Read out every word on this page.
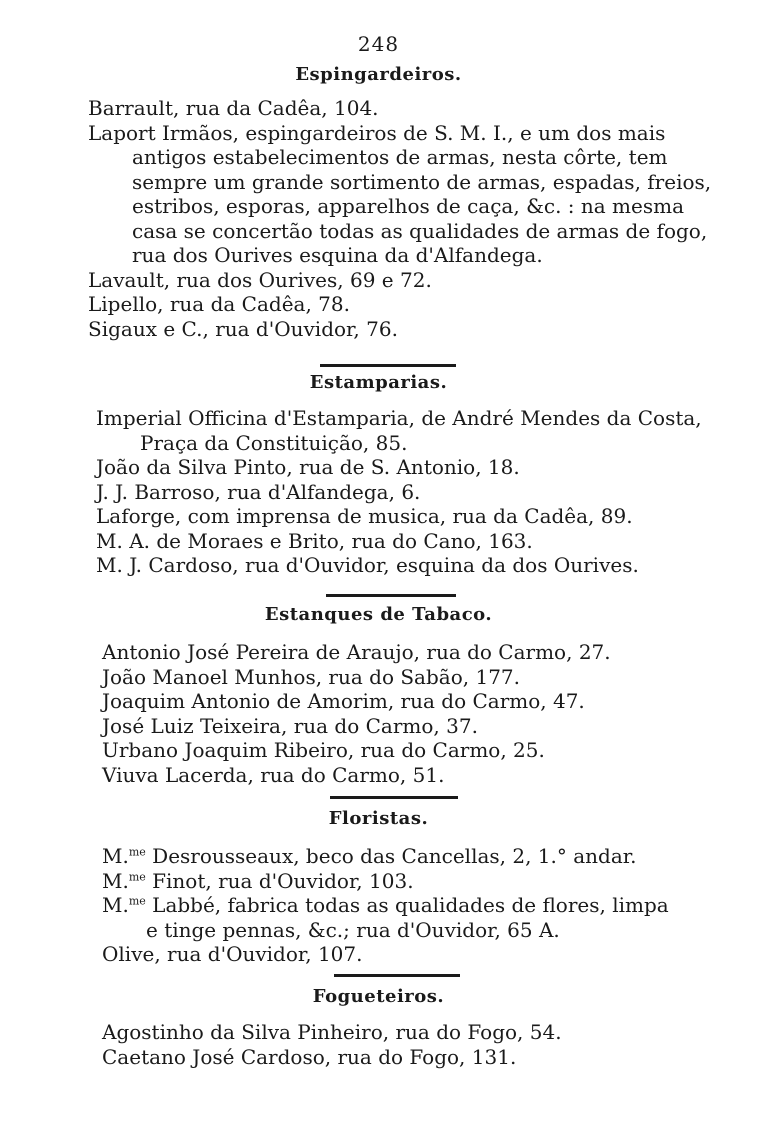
248
Espingardeiros.
Barrault, rua da Cadêa, 104.
Laport Irmãos, espingardeiros de S. M. I., e um dos mais
antigos estabelecimentos de armas, nesta côrte, tem
sempre um grande sortimento de armas, espadas, freios,
estribos, esporas, apparelhos de caça, &c. : na mesma
casa se concertão todas as qualidades de armas de fogo,
rua dos Ourives esquina da d'Alfandega.
Lavault, rua dos Ourives, 69 e 72.
Lipello, rua da Cadêa, 78.
Sigaux e C., rua d'Ouvidor, 76.
Estamparias.
Imperial Officina d'Estamparia, de André Mendes da Costa,
Praça da Constituição, 85.
João da Silva Pinto, rua de S. Antonio, 18.
J. J. Barroso, rua d'Alfandega, 6.
Laforge, com imprensa de musica, rua da Cadêa, 89.
M. A. de Moraes e Brito, rua do Cano, 163.
M. J. Cardoso, rua d'Ouvidor, esquina da dos Ourives.
Estanques de Tabaco.
Antonio José Pereira de Araujo, rua do Carmo, 27.
João Manoel Munhos, rua do Sabão, 177.
Joaquim Antonio de Amorim, rua do Carmo, 47.
José Luiz Teixeira, rua do Carmo, 37.
Urbano Joaquim Ribeiro, rua do Carmo, 25.
Viuva Lacerda, rua do Carmo, 51.
Floristas.
M.$^{me}$ Desrousseaux, beco das Cancellas, 2, 1.° andar.
M.$^{me}$ Finot, rua d'Ouvidor, 103.
M.$^{me}$ Labbé, fabrica todas as qualidades de flores, limpa
e tinge pennas, &c.; rua d'Ouvidor, 65 A.
Olive, rua d'Ouvidor, 107.
Fogueteiros.
Agostinho da Silva Pinheiro, rua do Fogo, 54.
Caetano José Cardoso, rua do Fogo, 131.
